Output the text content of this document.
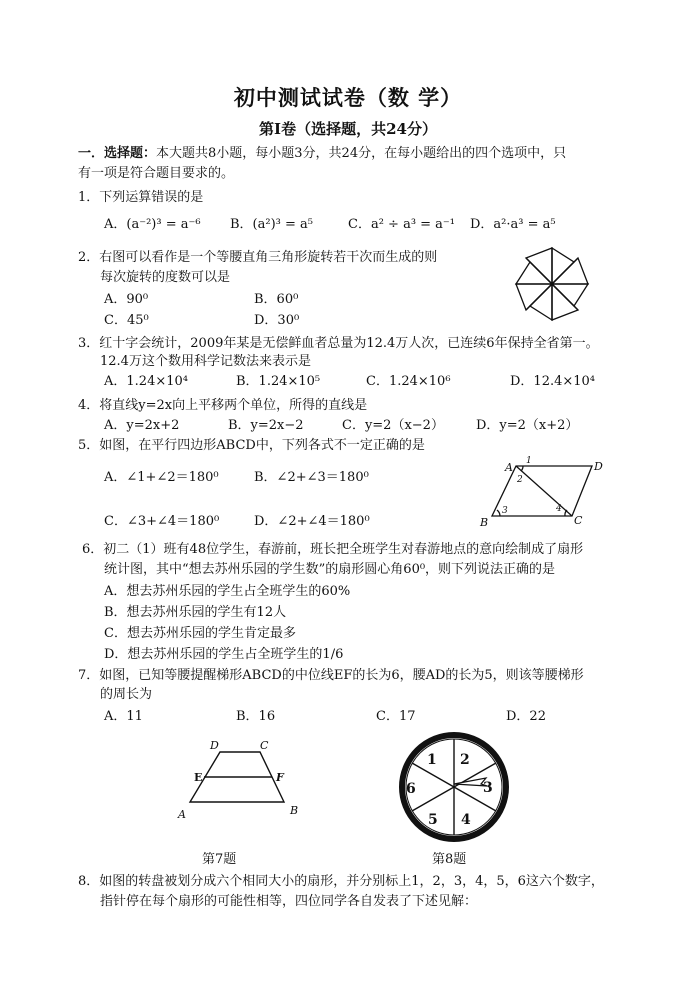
初中测试试卷（数 学）
第Ⅰ卷（选择题，共24分）
一．选择题：本大题共8小题，每小题3分，共24分，在每小题给出的四个选项中，只
有一项是符合题目要求的。
1．下列运算错误的是
A．(a⁻²)³ = a⁻⁶ B．(a²)³ = a⁵	C．a² ÷ a³ = a⁻¹ D．a²·a³ = a⁵
2．右图可以看作是一个等腰直角三角形旋转若干次而生成的则
每次旋转的度数可以是
A．90⁰	B．60⁰
C．45⁰	D．30⁰
3．红十字会统计，2009年某是无偿鲜血者总量为12.4万人次，已连续6年保持全省第一。
12.4万这个数用科学记数法来表示是
A．1.24×10⁴	B．1.24×10⁵	C．1.24×10⁶	D．12.4×10⁴
4．将直线y=2x向上平移两个单位，所得的直线是
A．y=2x+2	B．y=2x−2	C．y=2（x−2） D．y=2（x+2）
5．如图，在平行四边形ABCD中，下列各式不一定正确的是
A．∠1+∠2＝180⁰	B．∠2+∠3＝180⁰
C．∠3+∠4＝180⁰	D．∠2+∠4＝180⁰
A 1
2
D
B
3	4
C
6．初二（1）班有48位学生，春游前，班长把全班学生对春游地点的意向绘制成了扇形
统计图，其中“想去苏州乐园的学生数”的扇形圆心角60⁰，则下列说法正确的是
A．想去苏州乐园的学生占全班学生的60%
B．想去苏州乐园的学生有12人
C．想去苏州乐园的学生肯定最多
D．想去苏州乐园的学生占全班学生的1/6
7．如图，已知等腰提醒梯形ABCD的中位线EF的长为6，腰AD的长为5，则该等腰梯形
的周长为
A．11	B．16	C．17	D．22
D	C
E	F
A	B
第7题
1 2
3
4
5
6
第8题
8．如图的转盘被划分成六个相同大小的扇形，并分别标上1，2，3，4，5，6这六个数字，
指针停在每个扇形的可能性相等，四位同学各自发表了下述见解：
